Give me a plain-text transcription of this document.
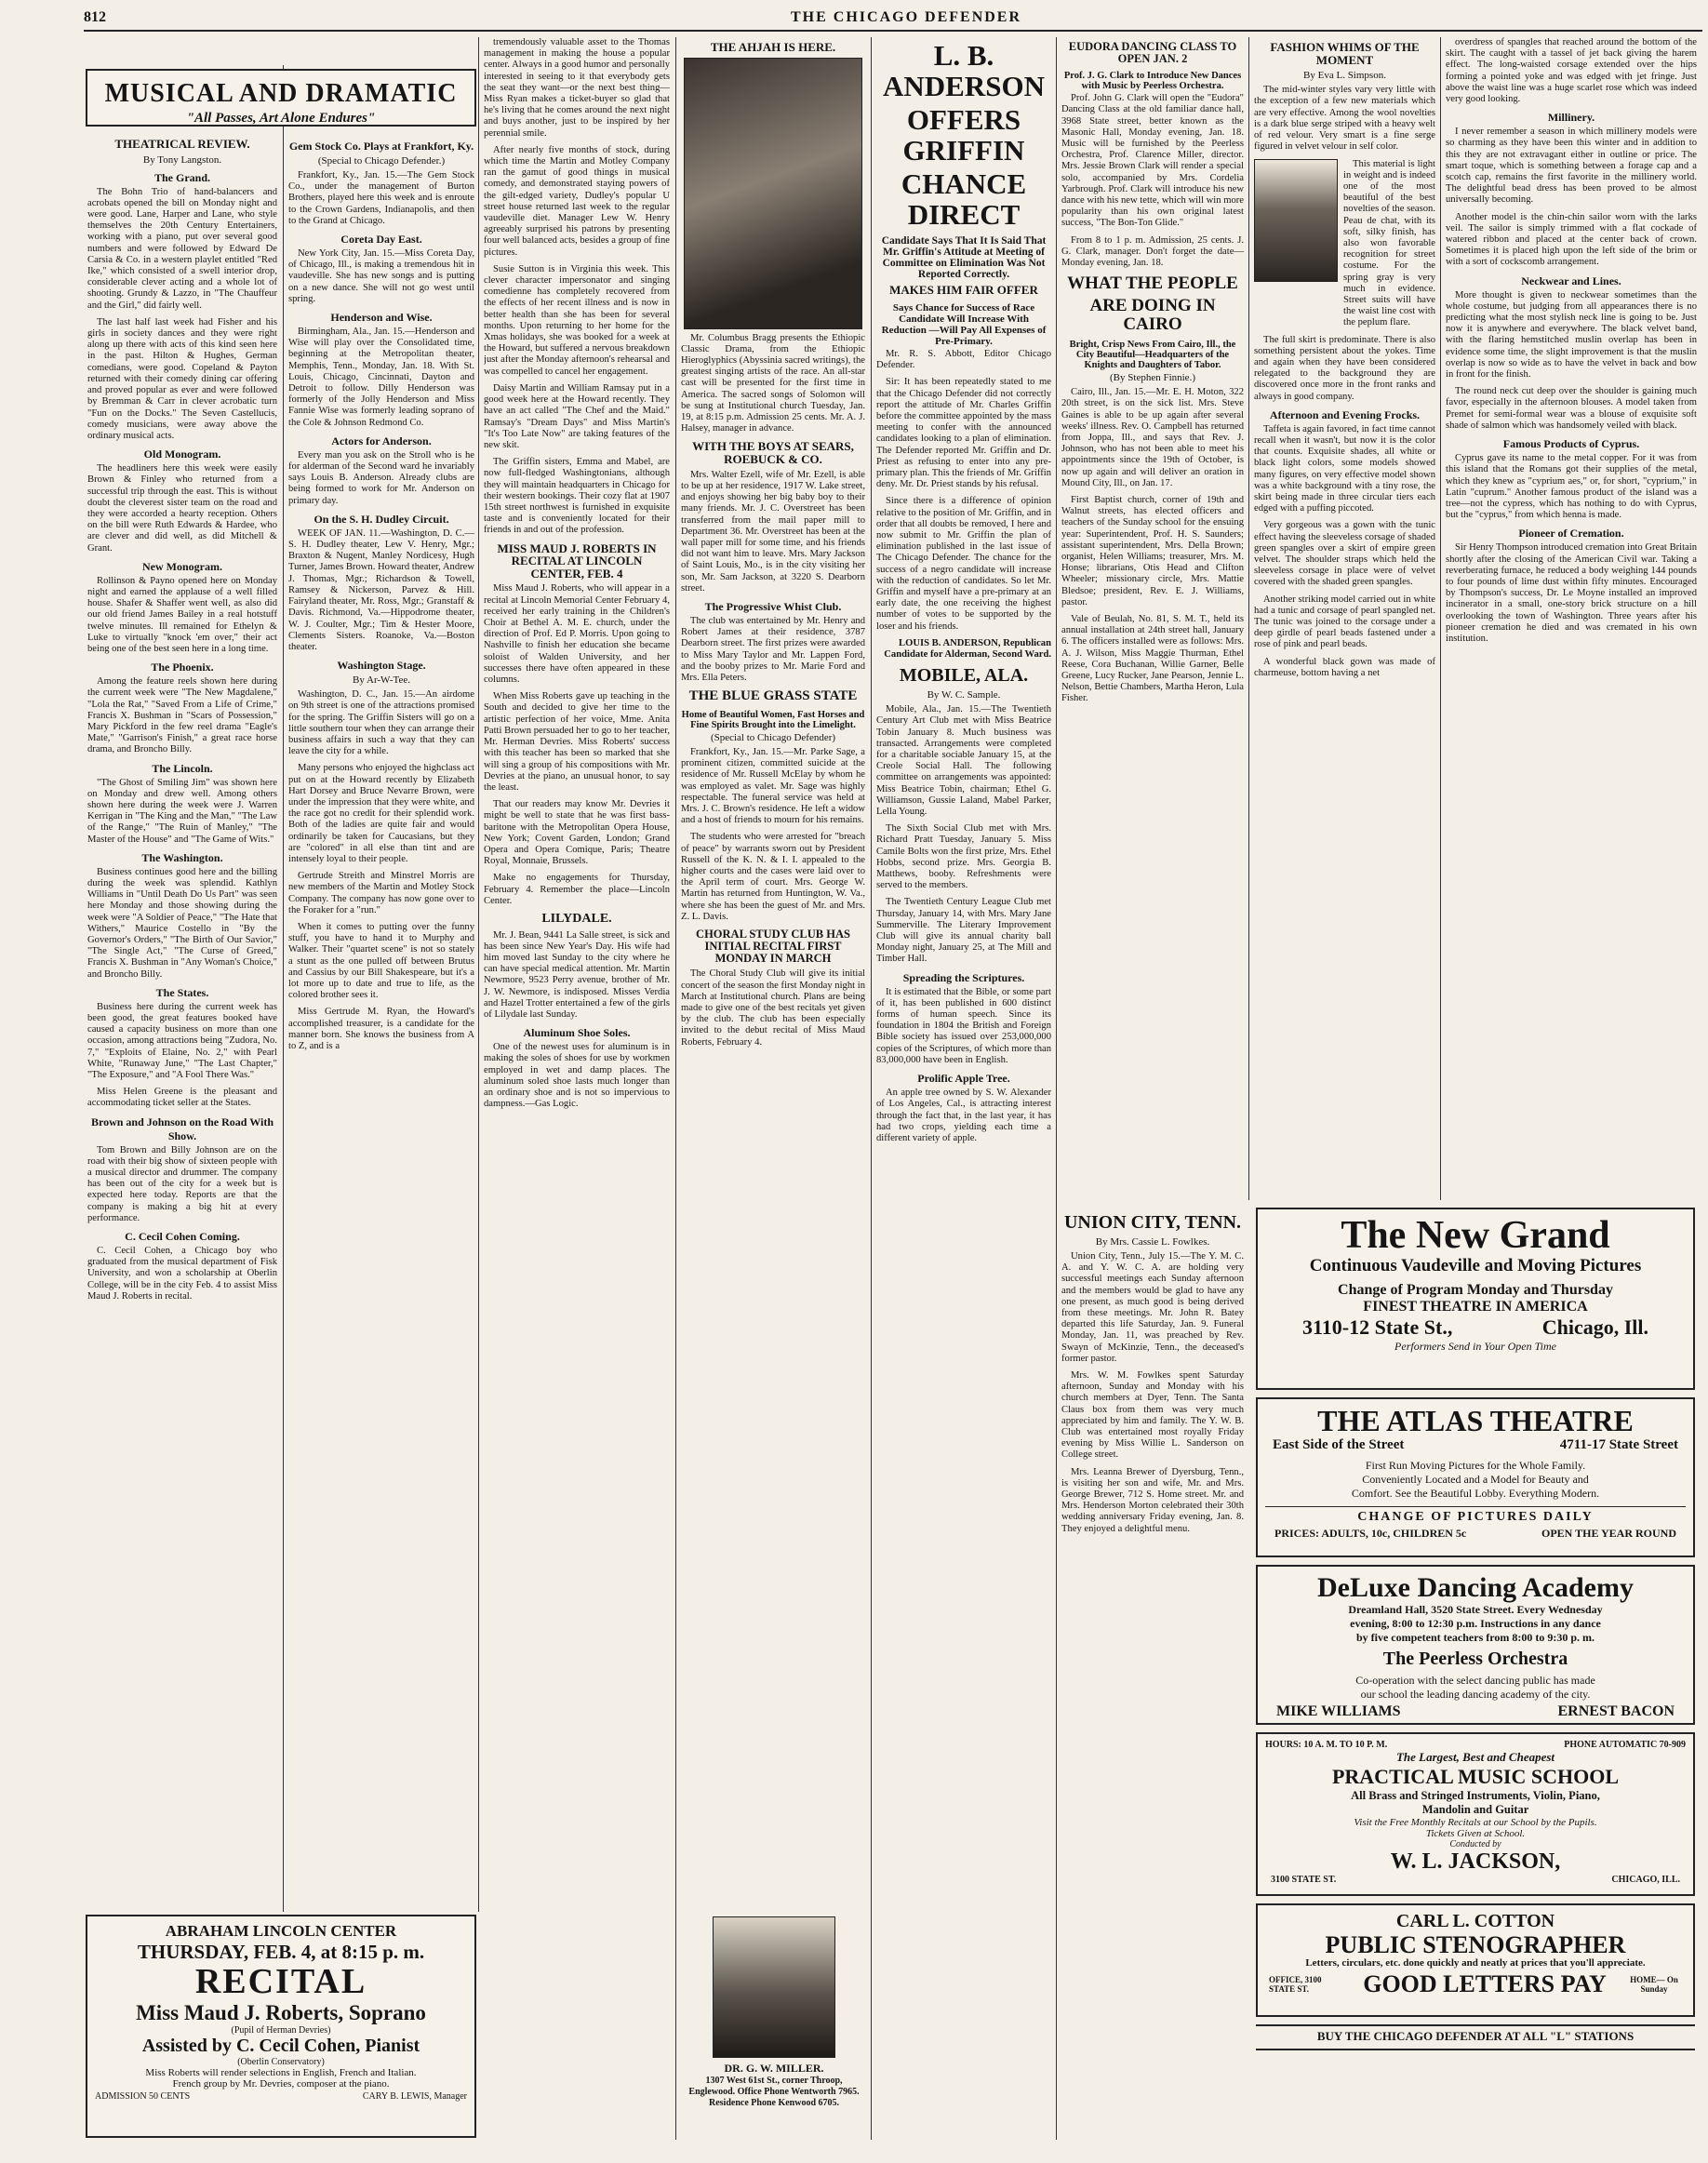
812	THE CHICAGO DEFENDER
MUSICAL AND DRAMATIC
"All Passes, Art Alone Endures"
THEATRICAL REVIEW.
By Tony Langston.
The Grand.

The Bohn Trio of hand-balancers and acrobats opened the bill on Monday night and were good. Lane, Harper and Lane, who style themselves the 20th Century Entertainers, working with a piano, put over several good numbers and were followed by Edward De Carsia & Co. in a western playlet entitled "Red Ike," which consisted of a swell interior drop, considerable clever acting and a whole lot of shooting. Grundy & Lazzo, in "The Chauffeur and the Girl," did fairly well.

The last half last week had Fisher and his girls in society dances and they were right along up there with acts of this kind seen here in the past. Hilton & Hughes, German comedians, were good. Copeland & Payton returned with their comedy dining car offering and proved popular as ever and were followed by Bremman & Carr in clever acrobatic turn "Fun on the Docks." The Seven Castellucis, comedy musicians, were away above the ordinary musical acts.

Old Monogram.

The headliners here this week were easily Brown & Finley who returned from a successful trip through the east. This is without doubt the cleverest sister team on the road and they were accorded a hearty reception. Others on the bill were Ruth Edwards & Hardee, who are clever and did well, as did Mitchell & Grant.

New Monogram.

Rollinson & Payno opened here on Monday night and earned the applause of a well filled house. Shafer & Shaffer went well, as also did our old friend James Bailey in a real hotstuff twelve minutes. Ill remained for Ethelyn & Luke to virtually "knock 'em over," their act being one of the best seen here in a long time.

The Phoenix.

Among the feature reels shown here during the current week were "The New Magdalene," "Lola the Rat," "Saved From a Life of Crime," Francis X. Bushman in "Scars of Possession," Mary Pickford in the few reel drama "Eagle's Mate," "Garrison's Finish," a great race horse drama, and Broncho Billy.

The Lincoln.

"The Ghost of Smiling Jim" was shown here on Monday and drew well. Among others shown here during the week were J. Warren Kerrigan in "The King and the Man," "The Law of the Range," "The Ruin of Manley," "The Master of the House" and "The Game of Wits."

The Washington.

Business continues good here and the billing during the week was splendid. Kathlyn Williams in "Until Death Do Us Part" was seen here Monday and those showing during the week were "A Soldier of Peace," "The Hate that Withers," Maurice Costello in "By the Governor's Orders," "The Birth of Our Savior," "The Single Act," "The Curse of Greed," Francis X. Bushman in "Any Woman's Choice," and Broncho Billy.

The States.

Business here during the current week has been good, the great features booked have caused a capacity business on more than one occasion, among attractions being "Zudora, No. 7," "Exploits of Elaine, No. 2," with Pearl White, "Runaway June," "The Last Chapter," "The Exposure," and "A Fool There Was."

Miss Helen Greene is the pleasant and accommodating ticket seller at the States.

Brown and Johnson on the Road With Show.

Tom Brown and Billy Johnson are on the road with their big show of sixteen people with a musical director and drummer. The company has been out of the city for a week but is expected here today. Reports are that the company is making a big hit at every performance.

C. Cecil Cohen Coming.

C. Cecil Cohen, a Chicago boy who graduated from the musical department of Fisk University, and won a scholarship at Oberlin College, will be in the city Feb. 4 to assist Miss Maud J. Roberts in recital.

Gem Stock Co. Plays at Frankfort, Ky.
(Special to Chicago Defender.)

Frankfort, Ky., Jan. 15.—The Gem Stock Co., under the management of Burton Brothers, played here this week and is enroute to the Crown Gardens, Indianapolis, and then to the Grand at Chicago.

Coreta Day East.

New York City, Jan. 15.—Miss Coreta Day, of Chicago, Ill., is making a tremendous hit in vaudeville. She has new songs and is putting on a new dance. She will not go west until spring.

Henderson and Wise.

Birmingham, Ala., Jan. 15.—Henderson and Wise will play over the Consolidated time, beginning at the Metropolitan theater, Memphis, Tenn., Monday, Jan. 18. With St. Louis, Chicago, Cincinnati, Dayton and Detroit to follow. Dilly Henderson was formerly of the Jolly Henderson and Miss Fannie Wise was formerly leading soprano of the Cole & Johnson Redmond Co.

Actors for Anderson.

Every man you ask on the Stroll who is he for alderman of the Second ward he invariably says Louis B. Anderson. Already clubs are being formed to work for Mr. Anderson on primary day.

On the S. H. Dudley Circuit.

WEEK OF JAN. 11.—Washington, D. C.—S. H. Dudley theater, Lew V. Henry, Mgr.; Braxton & Nugent, Manley Nordicesy, Hugh Turner, James Brown. Howard theater, Andrew J. Thomas, Mgr.; Richardson & Towell, Ramsey & Nickerson, Parvez & Hill. Fairyland theater, Mr. Ross, Mgr.; Granstaff & Davis. Richmond, Va.—Hippodrome theater, W. J. Coulter, Mgr.; Tim & Hester Moore, Clements Sisters. Roanoke, Va.—Boston theater.

Washington Stage.
By Ar-W-Tee.

Washington, D. C., Jan. 15.—An airdome on 9th street is one of the attractions promised for the spring. The Griffin Sisters will go on a little southern tour when they can arrange their business affairs in such a way that they can leave the city for a while.

Many persons who enjoyed the highclass act put on at the Howard recently by Elizabeth Hart Dorsey and Bruce Nevarre Brown, were under the impression that they were white, and the race got no credit for their splendid work. Both of the ladies are quite fair and would ordinarily be taken for Caucasians, but they are "colored" in all else than tint and are intensely loyal to their people.

Gertrude Streith and Minstrel Morris are new members of the Martin and Motley Stock Company. The company has now gone over to the Foraker for a "run."

When it comes to putting over the funny stuff, you have to hand it to Murphy and Walker. Their "quartet scene" is not so stately a stunt as the one pulled off between Brutus and Cassius by our Bill Shakespeare, but it's a lot more up to date and true to life, as the colored brother sees it.

Miss Gertrude M. Ryan, the Howard's accomplished treasurer, is a candidate for the manner born. She knows the business from A to Z, and is a

ABRAHAM LINCOLN CENTER
THURSDAY, FEB. 4, at 8:15 p. m.
RECITAL
Miss Maud J. Roberts, Soprano
(Pupil of Herman Devries)
Assisted by C. Cecil Cohen, Pianist
(Oberlin Conservatory)
Miss Roberts will render selections in English, French and Italian.
French group by Mr. Devries, composer at the piano.
ADMISSION 50 CENTS	CARY B. LEWIS, Manager

tremendously valuable asset to the Thomas management in making the house a popular center. Always in a good humor and personally interested in seeing to it that everybody gets the seat they want—or the next best thing—Miss Ryan makes a ticket-buyer so glad that he's living that he comes around the next night and buys another, just to be inspired by her perennial smile.

After nearly five months of stock, during which time the Martin and Motley Company ran the gamut of good things in musical comedy, and demonstrated staying powers of the gilt-edged variety, Dudley's popular U street house returned last week to the regular vaudeville diet. Manager Lew W. Henry agreeably surprised his patrons by presenting four well balanced acts, besides a group of fine pictures.

Susie Sutton is in Virginia this week. This clever character impersonator and singing comedienne has completely recovered from the effects of her recent illness and is now in better health than she has been for several months. Upon returning to her home for the Xmas holidays, she was booked for a week at the Howard, but suffered a nervous breakdown just after the Monday afternoon's rehearsal and was compelled to cancel her engagement.

Daisy Martin and William Ramsay put in a good week here at the Howard recently. They have an act called "The Chef and the Maid." Ramsay's "Dream Days" and Miss Martin's "It's Too Late Now" are taking features of the new skit.

The Griffin sisters, Emma and Mabel, are now full-fledged Washingtonians, although they will maintain headquarters in Chicago for their western bookings. Their cozy flat at 1907 15th street northwest is furnished in exquisite taste and is conveniently located for their friends in and out of the profession.

MISS MAUD J. ROBERTS IN RECITAL AT LINCOLN CENTER, FEB. 4

Miss Maud J. Roberts, who will appear in a recital at Lincoln Memorial Center February 4, received her early training in the Children's Choir at Bethel A. M. E. church, under the direction of Prof. Ed P. Morris. Upon going to Nashville to finish her education she became soloist of Walden University, and her successes there have often appeared in these columns.

When Miss Roberts gave up teaching in the South and decided to give her time to the artistic perfection of her voice, Mme. Anita Patti Brown persuaded her to go to her teacher, Mr. Herman Devries. Miss Roberts' success with this teacher has been so marked that she will sing a group of his compositions with Mr. Devries at the piano, an unusual honor, to say the least.

That our readers may know Mr. Devries it might be well to state that he was first bass-baritone with the Metropolitan Opera House, New York; Covent Garden, London; Grand Opera and Opera Comique, Paris; Theatre Royal, Monnaie, Brussels.

Make no engagements for Thursday, February 4. Remember the place—Lincoln Center.

LILYDALE.

Mr. J. Bean, 9441 La Salle street, is sick and has been since New Year's Day. His wife had him moved last Sunday to the city where he can have special medical attention. Mr. Martin Newmore, 9523 Perry avenue, brother of Mr. J. W. Newmore, is indisposed. Misses Verdia and Hazel Trotter entertained a few of the girls of Lilydale last Sunday.

Aluminum Shoe Soles.

One of the newest uses for aluminum is in making the soles of shoes for use by workmen employed in wet and damp places. The aluminum soled shoe lasts much longer than an ordinary shoe and is not so impervious to dampness.—Gas Logic.

THE AHJAH IS HERE.

Mr. Columbus Bragg presents the Ethiopic Classic Drama, from the Ethiopic Hieroglyphics (Abyssinia sacred writings), the greatest singing artists of the race. An all-star cast will be presented for the first time in America. The sacred songs of Solomon will be sung at Institutional church Tuesday, Jan. 19, at 8:15 p.m. Admission 25 cents. Mr. A. J. Halsey, manager in advance.

WITH THE BOYS AT SEARS, ROEBUCK & CO.

Mrs. Walter Ezell, wife of Mr. Ezell, is able to be up at her residence, 1917 W. Lake street, and enjoys showing her big baby boy to their many friends. Mr. J. C. Overstreet has been transferred from the mail paper mill to Department 36. Mr. Overstreet has been at the wall paper mill for some time, and his friends did not want him to leave. Mrs. Mary Jackson of Saint Louis, Mo., is in the city visiting her son, Mr. Sam Jackson, at 3220 S. Dearborn street.

The Progressive Whist Club.

The club was entertained by Mr. Henry and Robert James at their residence, 3787 Dearborn street. The first prizes were awarded to Miss Mary Taylor and Mr. Lappen Ford, and the booby prizes to Mr. Marie Ford and Mrs. Ella Peters.

THE BLUE GRASS STATE
Home of Beautiful Women, Fast Horses and Fine Spirits Brought into the Limelight.
(Special to Chicago Defender)

Frankfort, Ky., Jan. 15.—Mr. Parke Sage, a prominent citizen, committed suicide at the residence of Mr. Russell McElay by whom he was employed as valet. Mr. Sage was highly respectable. The funeral service was held at Mrs. J. C. Brown's residence. He left a widow and a host of friends to mourn for his remains.

The students who were arrested for "breach of peace" by warrants sworn out by President Russell of the K. N. & I. I. appealed to the higher courts and the cases were laid over to the April term of court. Mrs. George W. Martin has returned from Huntington, W. Va., where she has been the guest of Mr. and Mrs. Z. L. Davis.

CHORAL STUDY CLUB HAS INITIAL RECITAL FIRST MONDAY IN MARCH

The Choral Study Club will give its initial concert of the season the first Monday night in March at Institutional church. Plans are being made to give one of the best recitals yet given by the club. The club has been especially invited to the debut recital of Miss Maud Roberts, February 4.

DR. G. W. MILLER.
1307 West 61st St., corner Throop, Englewood. Office Phone Wentworth 7965. Residence Phone Kenwood 6705.
L. B. ANDERSON
OFFERS GRIFFIN
CHANCE DIRECT
Candidate Says That It Is Said That Mr. Griffin's Attitude at Meeting of Committee on Elimination Was Not Reported Correctly.
MAKES HIM FAIR OFFER
Says Chance for Success of Race Candidate Will Increase With Reduction —Will Pay All Expenses of Pre-Primary.

Mr. R. S. Abbott, Editor Chicago Defender.

Sir: It has been repeatedly stated to me that the Chicago Defender did not correctly report the attitude of Mr. Charles Griffin before the committee appointed by the mass meeting to confer with the announced candidates looking to a plan of elimination. The Defender reported Mr. Griffin and Dr. Priest as refusing to enter into any pre-primary plan. This the friends of Mr. Griffin deny. Mr. Dr. Priest stands by his refusal.

Since there is a difference of opinion relative to the position of Mr. Griffin, and in order that all doubts be removed, I here and now submit to Mr. Griffin the plan of elimination published in the last issue of The Chicago Defender. The chance for the success of a negro candidate will increase with the reduction of candidates. So let Mr. Griffin and myself have a pre-primary at an early date, the one receiving the highest number of votes to be supported by the loser and his friends.

LOUIS B. ANDERSON, Republican Candidate for Alderman, Second Ward.

MOBILE, ALA.
By W. C. Sample.

Mobile, Ala., Jan. 15.—The Twentieth Century Art Club met with Miss Beatrice Tobin January 8. Much business was transacted. Arrangements were completed for a charitable sociable January 15, at the Creole Social Hall. The following committee on arrangements was appointed: Miss Beatrice Tobin, chairman; Ethel G. Williamson, Gussie Laland, Mabel Parker, Lella Young.

The Sixth Social Club met with Mrs. Richard Pratt Tuesday, January 5. Miss Camile Bolts won the first prize, Mrs. Ethel Hobbs, second prize. Mrs. Georgia B. Matthews, booby. Refreshments were served to the members.

The Twentieth Century League Club met Thursday, January 14, with Mrs. Mary Jane Summerville. The Literary Improvement Club will give its annual charity ball Monday night, January 25, at The Mill and Timber Hall.

Spreading the Scriptures.

It is estimated that the Bible, or some part of it, has been published in 600 distinct forms of human speech. Since its foundation in 1804 the British and Foreign Bible society has issued over 253,000,000 copies of the Scriptures, of which more than 83,000,000 have been in English.

Prolific Apple Tree.

An apple tree owned by S. W. Alexander of Los Angeles, Cal., is attracting interest through the fact that, in the last year, it has had two crops, yielding each time a different variety of apple.

EUDORA DANCING CLASS TO OPEN JAN. 2
Prof. J. G. Clark to Introduce New Dances with Music by Peerless Orchestra.

Prof. John G. Clark will open the "Eudora" Dancing Class at the old familiar dance hall, 3968 State street, better known as the Masonic Hall, Monday evening, Jan. 18. Music will be furnished by the Peerless Orchestra, Prof. Clarence Miller, director. Mrs. Jessie Brown Clark will render a special solo, accompanied by Mrs. Cordelia Yarbrough. Prof. Clark will introduce his new dance with his new tette, which will win more popularity than his own original latest success, "The Bon-Ton Glide."

From 8 to 1 p. m. Admission, 25 cents. J. G. Clark, manager. Don't forget the date—Monday evening, Jan. 18.

WHAT THE PEOPLE
ARE DOING IN CAIRO
Bright, Crisp News From Cairo, Ill., the City Beautiful—Headquarters of the Knights and Daughters of Tabor.
(By Stephen Finnie.)

Cairo, Ill., Jan. 15.—Mr. E. H. Moton, 322 20th street, is on the sick list. Mrs. Steve Gaines is able to be up again after several weeks' illness. Rev. O. Campbell has returned from Joppa, Ill., and says that Rev. J. Johnson, who has not been able to meet his appointments since the 19th of October, is now up again and will deliver an oration in Mound City, Ill., on Jan. 17.

First Baptist church, corner of 19th and Walnut streets, has elected officers and teachers of the Sunday school for the ensuing year: Superintendent, Prof. H. S. Saunders; assistant superintendent, Mrs. Della Brown; organist, Helen Williams; treasurer, Mrs. M. Honse; librarians, Otis Head and Clifton Wheeler; missionary circle, Mrs. Mattie Bledsoe; president, Rev. E. J. Williams, pastor.

Vale of Beulah, No. 81, S. M. T., held its annual installation at 24th street hall, January 6. The officers installed were as follows: Mrs. A. J. Wilson, Miss Maggie Thurman, Ethel Reese, Cora Buchanan, Willie Garner, Belle Greene, Lucy Rucker, Jane Pearson, Jennie L. Nelson, Bettie Chambers, Martha Heron, Lula Fisher.

UNION CITY, TENN.
By Mrs. Cassie L. Fowlkes.

Union City, Tenn., July 15.—The Y. M. C. A. and Y. W. C. A. are holding very successful meetings each Sunday afternoon and the members would be glad to have any one present, as much good is being derived from these meetings. Mr. John R. Batey departed this life Saturday, Jan. 9. Funeral Monday, Jan. 11, was preached by Rev. Swayn of McKinzie, Tenn., the deceased's former pastor.

Mrs. W. M. Fowlkes spent Saturday afternoon, Sunday and Monday with his church members at Dyer, Tenn. The Santa Claus box from them was very much appreciated by him and family. The Y. W. B. Club was entertained most royally Friday evening by Miss Willie L. Sanderson on College street.

Mrs. Leanna Brewer of Dyersburg, Tenn., is visiting her son and wife, Mr. and Mrs. George Brewer, 712 S. Home street. Mr. and Mrs. Henderson Morton celebrated their 30th wedding anniversary Friday evening, Jan. 8. They enjoyed a delightful menu.

FASHION WHIMS OF THE MOMENT
By Eva L. Simpson.

The mid-winter styles vary very little with the exception of a few new materials which are very effective. Among the wool novelties is a dark blue serge striped with a heavy welt of red velour. Very smart is a fine serge figured in velvet velour in self color.

This material is light in weight and is indeed one of the most beautiful of the best novelties of the season. Peau de chat, with its soft, silky finish, has also won favorable recognition for street costume. For the spring gray is very much in evidence. Street suits will have the waist line cost with the peplum flare.

The full skirt is predominate. There is also something persistent about the yokes. Time and again when they have been considered relegated to the background they are discovered once more in the front ranks and always in good company.

Afternoon and Evening Frocks.

Taffeta is again favored, in fact time cannot recall when it wasn't, but now it is the color that counts. Exquisite shades, all white or black light colors, some models showed many figures, on very effective model shown was a white background with a tiny rose, the skirt being made in three circular tiers each edged with a puffing piccoted.

Very gorgeous was a gown with the tunic effect having the sleeveless corsage of shaded green spangles over a skirt of empire green velvet. The shoulder straps which held the sleeveless corsage in place were of velvet covered with the shaded green spangles.

Another striking model carried out in white had a tunic and corsage of pearl spangled net. The tunic was joined to the corsage under a deep girdle of pearl beads fastened under a rose of pink and pearl beads.

A wonderful black gown was made of charmeuse, bottom having a net

overdress of spangles that reached around the bottom of the skirt. The caught with a tassel of jet back giving the harem effect. The long-waisted corsage extended over the hips forming a pointed yoke and was edged with jet fringe. Just above the waist line was a huge scarlet rose which was indeed very good looking.

Millinery.

I never remember a season in which millinery models were so charming as they have been this winter and in addition to this they are not extravagant either in outline or price. The smart toque, which is something between a forage cap and a scotch cap, remains the first favorite in the millinery world. The delightful bead dress has been proved to be almost universally becoming.

Another model is the chin-chin sailor worn with the larks veil. The sailor is simply trimmed with a flat cockade of watered ribbon and placed at the center back of crown. Sometimes it is placed high upon the left side of the brim or with a sort of cockscomb arrangement.

Neckwear and Lines.

More thought is given to neckwear sometimes than the whole costume, but judging from all appearances there is no predicting what the most stylish neck line is going to be. Just now it is anywhere and everywhere. The black velvet band, with the flaring hemstitched muslin overlap has been in evidence some time, the slight improvement is that the muslin overlap is now so wide as to have the velvet in back and bow in front for the finish.

The round neck cut deep over the shoulder is gaining much favor, especially in the afternoon blouses. A model taken from Premet for semi-formal wear was a blouse of exquisite soft shade of salmon which was handsomely veiled with black.

Famous Products of Cyprus.

Cyprus gave its name to the metal copper. For it was from this island that the Romans got their supplies of the metal, which they knew as "cyprium aes," or, for short, "cyprium," in Latin "cuprum." Another famous product of the island was a tree—not the cypress, which has nothing to do with Cyprus, but the "cyprus," from which henna is made.

Pioneer of Cremation.

Sir Henry Thompson introduced cremation into Great Britain shortly after the closing of the American Civil war. Taking a reverberating furnace, he reduced a body weighing 144 pounds to four pounds of lime dust within fifty minutes. Encouraged by Thompson's success, Dr. Le Moyne installed an improved incinerator in a small, one-story brick structure on a hill overlooking the town of Washington. Three years after his pioneer cremation he died and was cremated in his own institution.

The New Grand
Continuous Vaudeville and Moving Pictures
Change of Program Monday and Thursday
FINEST THEATRE IN AMERICA
3110-12 State St.,	Chicago, Ill.
Performers Send in Your Open Time
THE ATLAS THEATRE
East Side of the Street	4711-17 State Street
First Run Moving Pictures for the Whole Family.
Conveniently Located and a Model for Beauty and
Comfort. See the Beautiful Lobby. Everything Modern.
CHANGE OF PICTURES DAILY
PRICES: ADULTS, 10c, CHILDREN 5c	OPEN THE YEAR ROUND
DeLuxe Dancing Academy
Dreamland Hall, 3520 State Street. Every Wednesday
evening, 8:00 to 12:30 p.m. Instructions in any dance
by five competent teachers from 8:00 to 9:30 p. m.
The Peerless Orchestra
Co-operation with the select dancing public has made
our school the leading dancing academy of the city.
MIKE WILLIAMS	ERNEST BACON
HOURS: 10 A. M. TO 10 P. M.	PHONE AUTOMATIC 70-909
The Largest, Best and Cheapest
PRACTICAL MUSIC SCHOOL
All Brass and Stringed Instruments, Violin, Piano,
Mandolin and Guitar
Visit the Free Monthly Recitals at our School by the Pupils.
Tickets Given at School.
Conducted by
W. L. JACKSON,
3100 STATE ST.	CHICAGO, ILL.
CARL L. COTTON
PUBLIC STENOGRAPHER
Letters, circulars, etc. done quickly and neatly at prices that you'll appreciate.
OFFICE, 3100 STATE ST.	GOOD LETTERS PAY	HOME— On Sunday
BUY THE CHICAGO DEFENDER AT ALL "L" STATIONS
